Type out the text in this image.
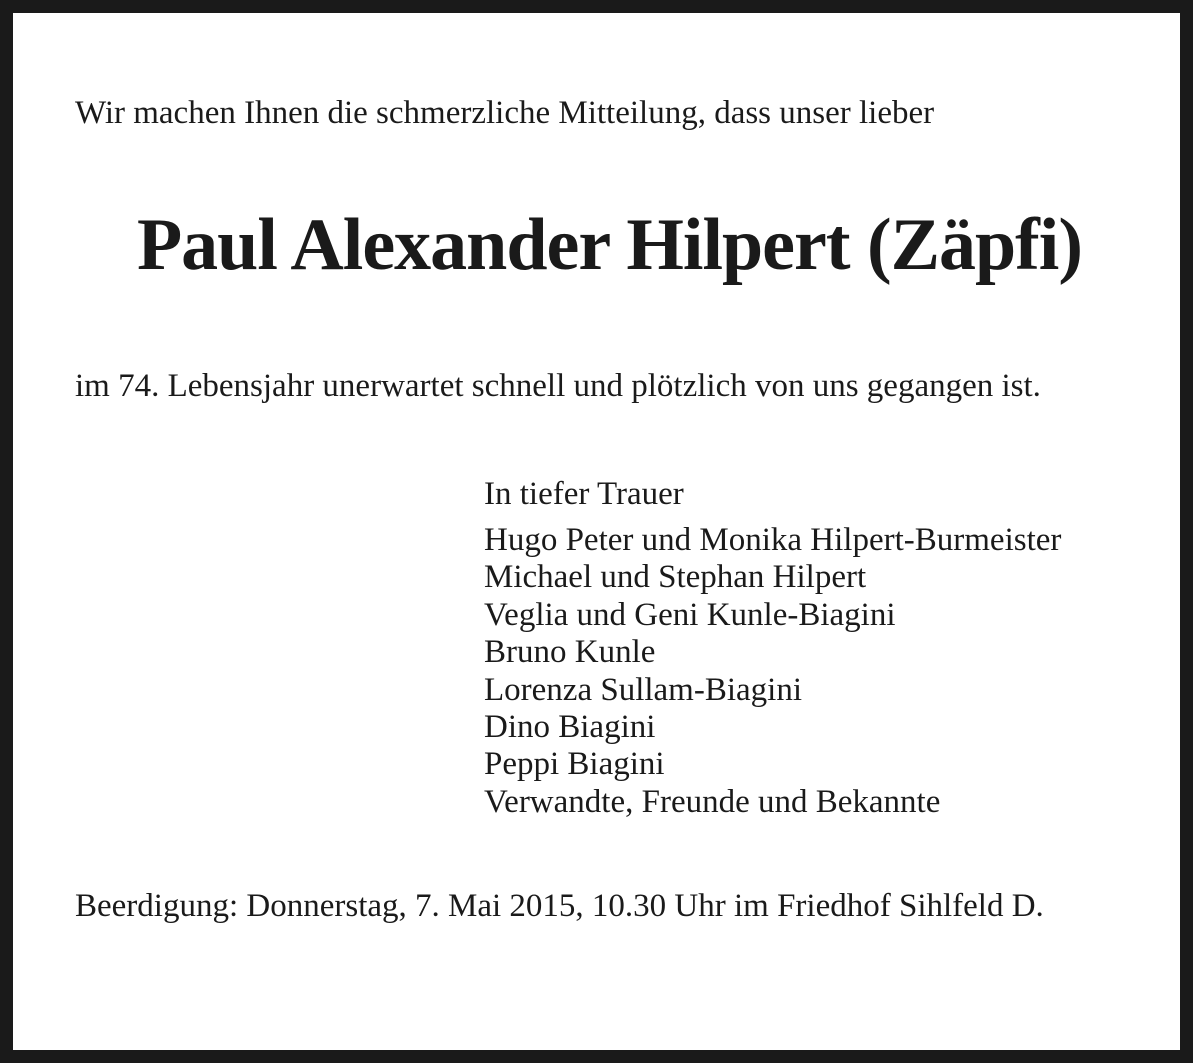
Wir machen Ihnen die schmerzliche Mitteilung, dass unser lieber

Paul Alexander Hilpert (Zäpfi)

im 74. Lebensjahr unerwartet schnell und plötzlich von uns gegangen ist.

In tiefer Trauer
Hugo Peter und Monika Hilpert-Burmeister
Michael und Stephan Hilpert
Veglia und Geni Kunle-Biagini
Bruno Kunle
Lorenza Sullam-Biagini
Dino Biagini
Peppi Biagini
Verwandte, Freunde und Bekannte

Beerdigung: Donnerstag, 7. Mai 2015, 10.30 Uhr im Friedhof Sihlfeld D.
